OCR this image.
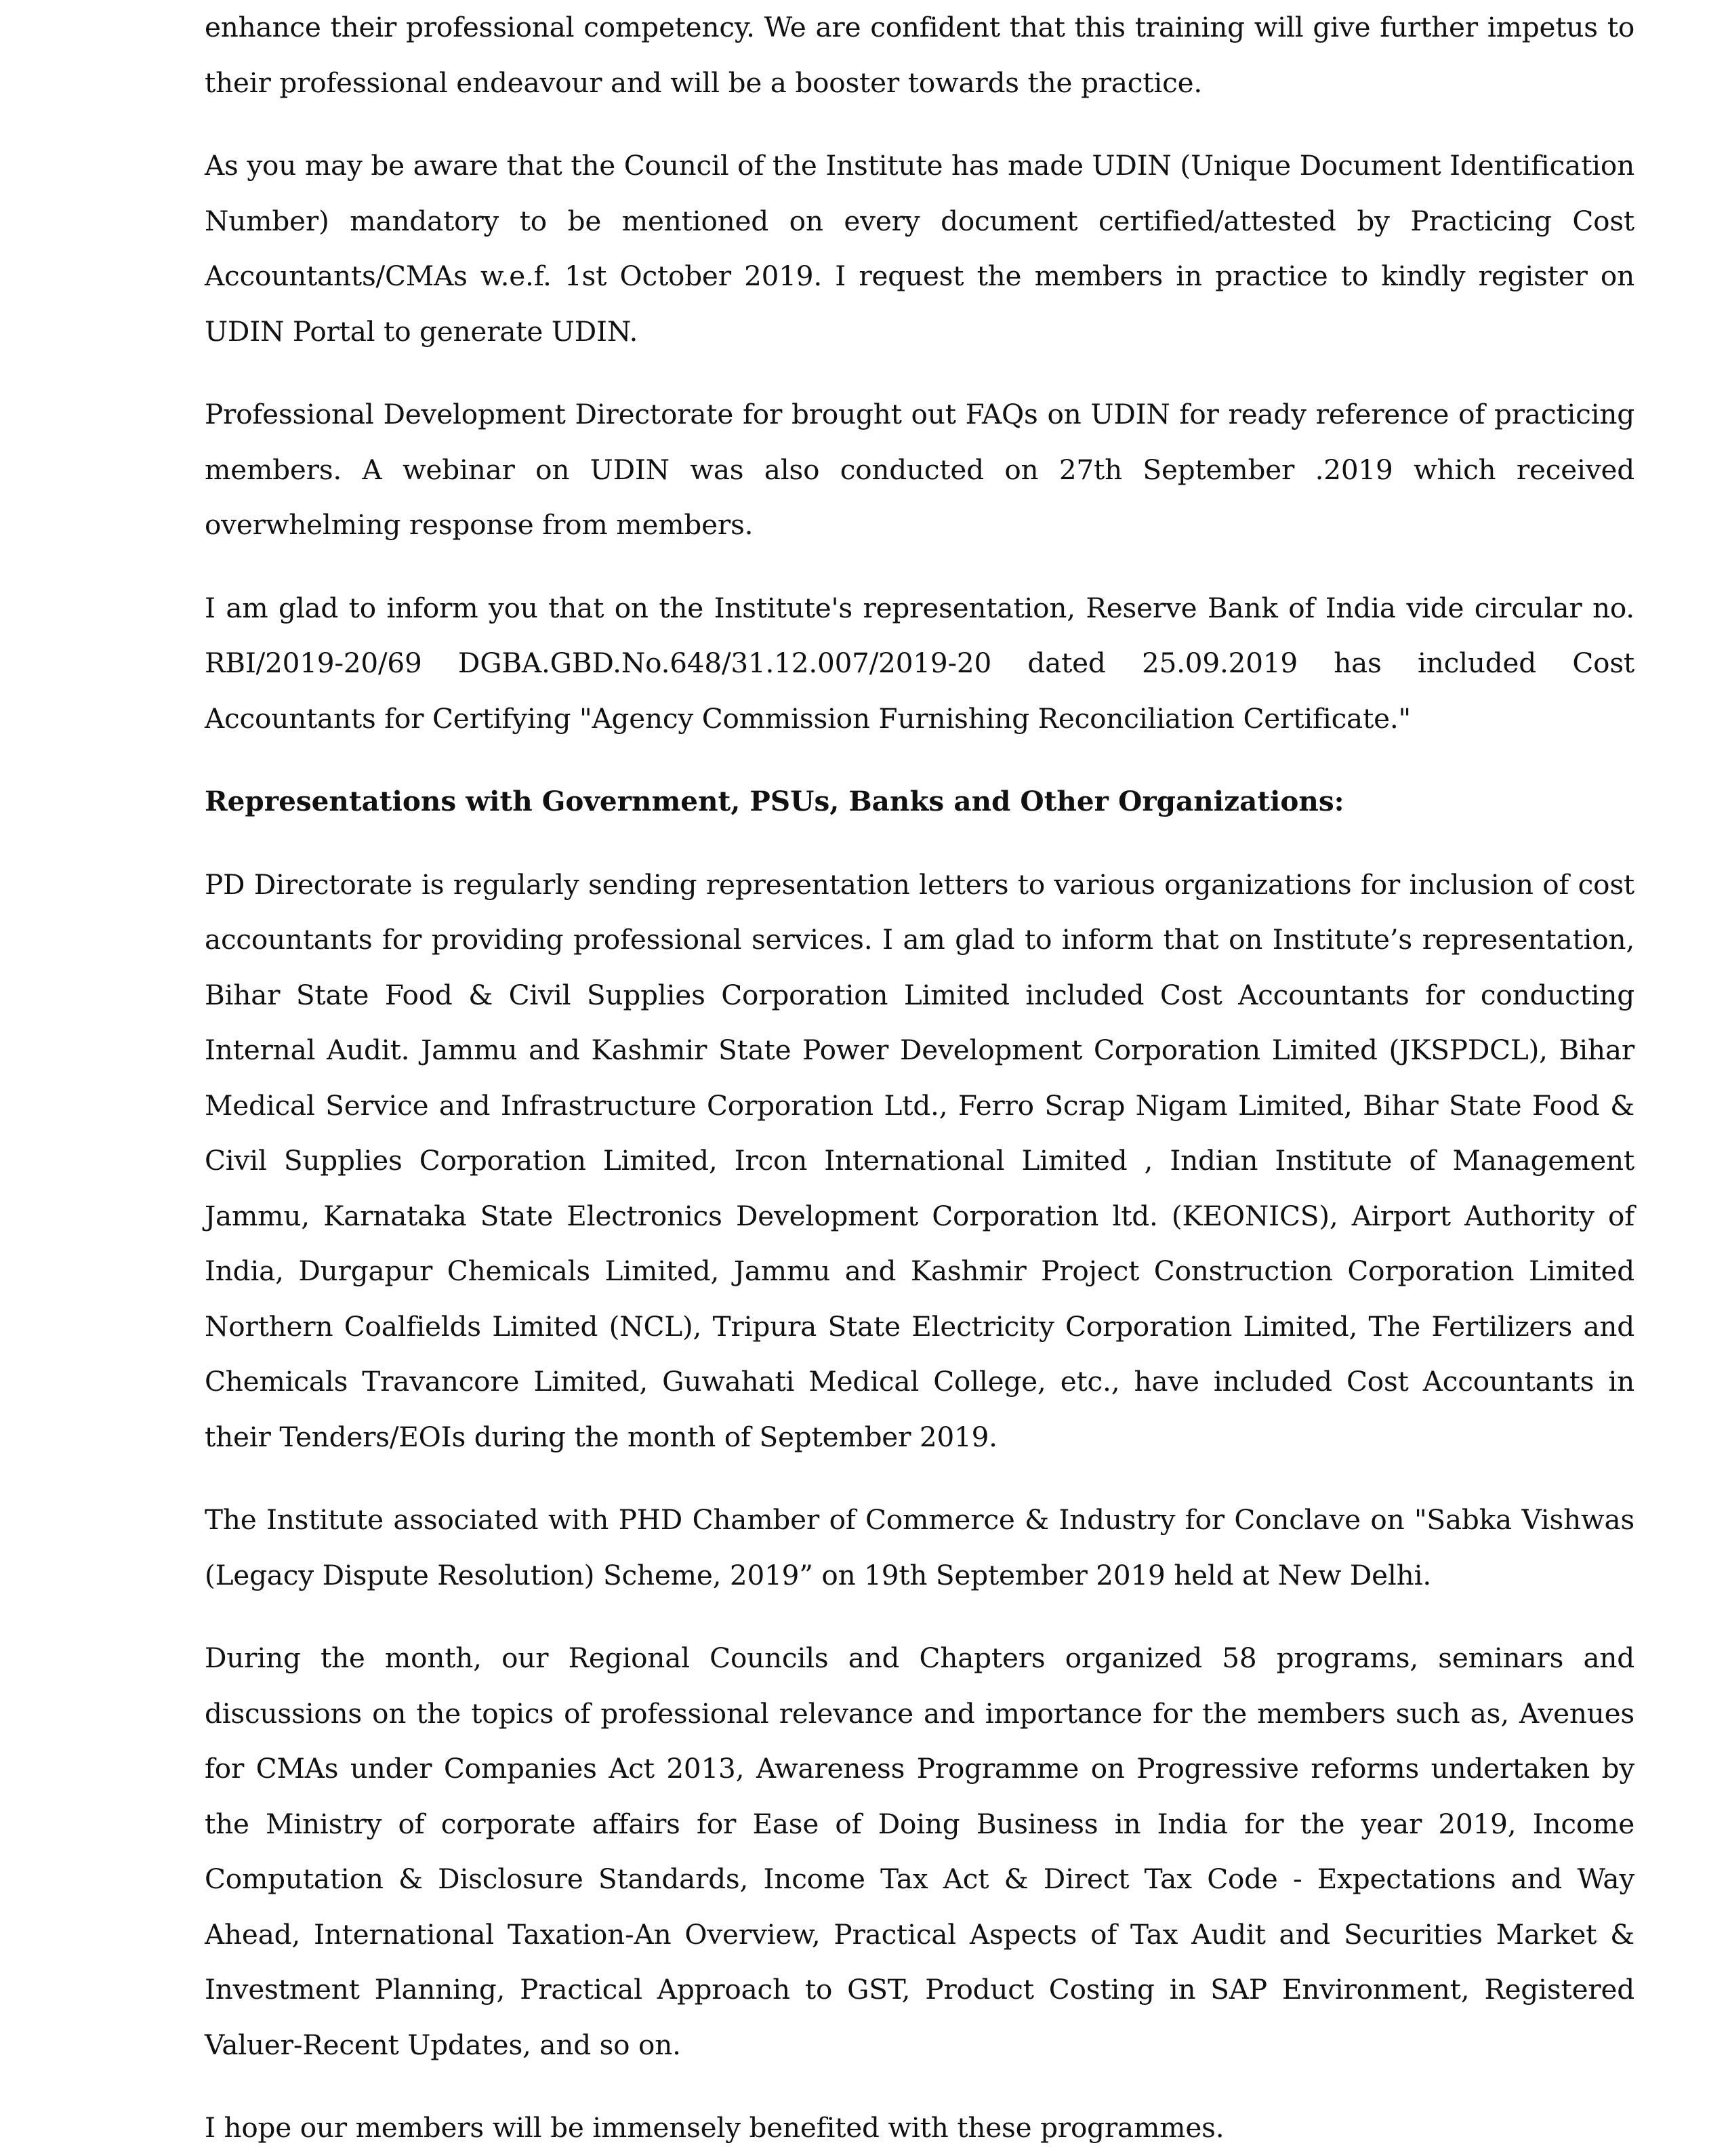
enhance their professional competency. We are confident that this training will give further impetus to their professional endeavour and will be a booster towards the practice.

As you may be aware that the Council of the Institute has made UDIN (Unique Document Identification Number) mandatory to be mentioned on every document certified/attested by Practicing Cost Accountants/CMAs w.e.f. 1st October 2019. I request the members in practice to kindly register on UDIN Portal to generate UDIN.

Professional Development Directorate for brought out FAQs on UDIN for ready reference of practicing members. A webinar on UDIN was also conducted on 27th September .2019 which received overwhelming response from members.

I am glad to inform you that on the Institute's representation, Reserve Bank of India vide circular no. RBI/2019-20/69 DGBA.GBD.No.648/31.12.007/2019-20 dated 25.09.2019 has included Cost Accountants for Certifying "Agency Commission Furnishing Reconciliation Certificate."

Representations with Government, PSUs, Banks and Other Organizations:

PD Directorate is regularly sending representation letters to various organizations for inclusion of cost accountants for providing professional services. I am glad to inform that on Institute’s representation, Bihar State Food & Civil Supplies Corporation Limited included Cost Accountants for conducting Internal Audit. Jammu and Kashmir State Power Development Corporation Limited (JKSPDCL), Bihar Medical Service and Infrastructure Corporation Ltd., Ferro Scrap Nigam Limited, Bihar State Food & Civil Supplies Corporation Limited, Ircon International Limited , Indian Institute of Management Jammu, Karnataka State Electronics Development Corporation ltd. (KEONICS), Airport Authority of India, Durgapur Chemicals Limited, Jammu and Kashmir Project Construction Corporation Limited Northern Coalfields Limited (NCL), Tripura State Electricity Corporation Limited, The Fertilizers and Chemicals Travancore Limited, Guwahati Medical College, etc., have included Cost Accountants in their Tenders/EOIs during the month of September 2019.

The Institute associated with PHD Chamber of Commerce & Industry for Conclave on "Sabka Vishwas (Legacy Dispute Resolution) Scheme, 2019” on 19th September 2019 held at New Delhi.

During the month, our Regional Councils and Chapters organized 58 programs, seminars and discussions on the topics of professional relevance and importance for the members such as, Avenues for CMAs under Companies Act 2013, Awareness Programme on Progressive reforms undertaken by the Ministry of corporate affairs for Ease of Doing Business in India for the year 2019, Income Computation & Disclosure Standards, Income Tax Act & Direct Tax Code - Expectations and Way Ahead, International Taxation-An Overview, Practical Aspects of Tax Audit and Securities Market & Investment Planning, Practical Approach to GST, Product Costing in SAP Environment, Registered Valuer-Recent Updates, and so on.

I hope our members will be immensely benefited with these programmes.
